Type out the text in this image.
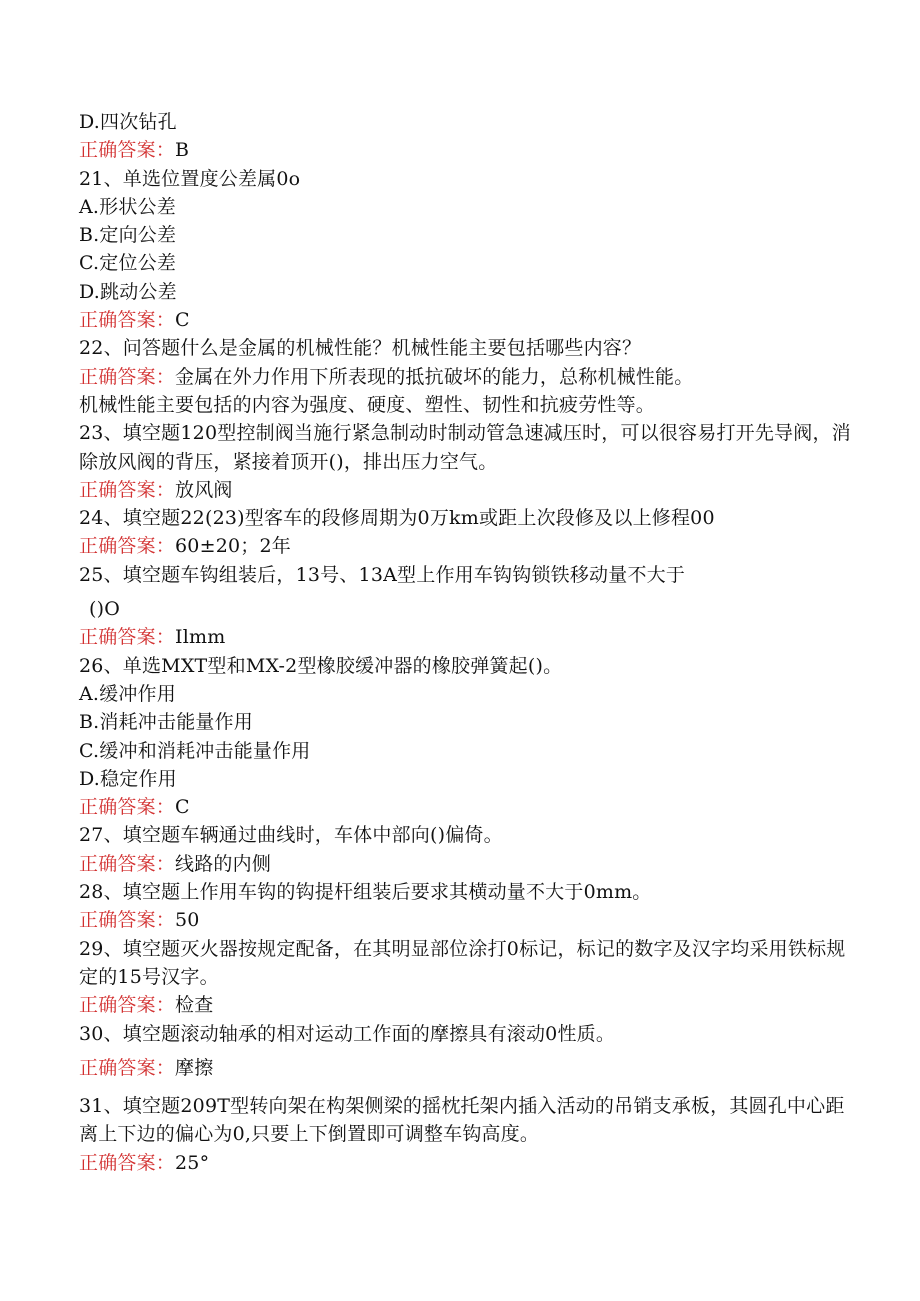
D.四次钻孔
正确答案：B
21、单选位置度公差属0o
A.形状公差
B.定向公差
C.定位公差
D.跳动公差
正确答案：C
22、问答题什么是金属的机械性能？机械性能主要包括哪些内容？
正确答案：金属在外力作用下所表现的抵抗破坏的能力，总称机械性能。
机械性能主要包括的内容为强度、硬度、塑性、韧性和抗疲劳性等。
23、填空题120型控制阀当施行紧急制动时制动管急速减压时，可以很容易打开先导阀，消除放风阀的背压，紧接着顶开()，排出压力空气。
正确答案：放风阀
24、填空题22(23)型客车的段修周期为0万km或距上次段修及以上修程00
正确答案：60±20；2年
25、填空题车钩组装后，13号、13A型上作用车钩钩锁铁移动量不大于
()O
正确答案：Ilmm
26、单选MXT型和MX-2型橡胶缓冲器的橡胶弹簧起()。
A.缓冲作用
B.消耗冲击能量作用
C.缓冲和消耗冲击能量作用
D.稳定作用
正确答案：C
27、填空题车辆通过曲线时，车体中部向()偏倚。
正确答案：线路的内侧
28、填空题上作用车钩的钩提杆组装后要求其横动量不大于0mm。
正确答案：50
29、填空题灭火器按规定配备，在其明显部位涂打0标记，标记的数字及汉字均采用铁标规定的15号汉字。
正确答案：检查
30、填空题滚动轴承的相对运动工作面的摩擦具有滚动0性质。
正确答案：摩擦
31、填空题209T型转向架在构架侧梁的摇枕托架内插入活动的吊销支承板，其圆孔中心距离上下边的偏心为0,只要上下倒置即可调整车钩高度。
正确答案：25°
